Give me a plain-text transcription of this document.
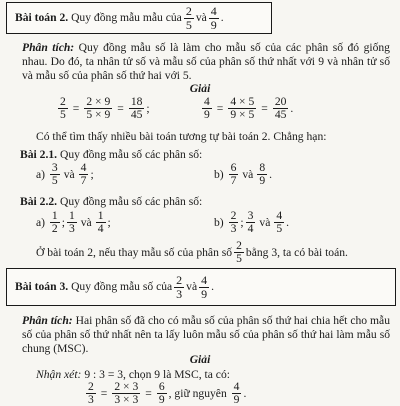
Bài toán 2.
Quy đồng mẫu mẫu của $\frac{2}{5}$ và $\frac{4}{9}$ .
Phân tích: Quy đồng mẫu số là làm cho mẫu số của các phân số đó giống nhau. Do đó, ta nhân tử số và mẫu số của phân số thứ nhất với 9 và nhân tử số và mẫu số của phân số thứ hai với 5.
Giải
$\frac{2}{5} = \frac{2 \times 9}{5 \times 9} = \frac{18}{45}$ ;	$\frac{4}{9} = \frac{4 \times 5}{9 \times 5} = \frac{20}{45}$ .
Có thể tìm thấy nhiều bài toán tương tự bài toán 2. Chẳng hạn:
Bài 2.1. Quy đồng mẫu số các phân số:
a)
$\frac{3}{5}$ và $\frac{4}{7}$ ;	b)
$\frac{6}{7}$ và $\frac{8}{9}$ .
Bài 2.2. Quy đồng mẫu số các phân số:
a)
$\frac{1}{2}$ ; $\frac{1}{3}$ và $\frac{1}{4}$ ;	b)
$\frac{2}{3}$ ; $\frac{3}{4}$ và $\frac{4}{5}$ .
Ở bài toán 2, nếu thay mẫu số của phân số $\frac{2}{5}$ bằng 3, ta có bài toán.
Bài toán 3.
Quy đồng mẫu số của $\frac{2}{3}$ và $\frac{4}{9}$ .
Phân tích: Hai phân số đã cho có mẫu số của phân số thứ hai chia hết cho mẫu số của phân số thứ nhất nên ta lấy luôn mẫu số của phân số thứ hai làm mẫu số chung (MSC).
Giải
Nhận xét: 9 : 3 = 3, chọn 9 là MSC, ta có:
$\frac{2}{3} = \frac{2 \times 3}{3 \times 3} = \frac{6}{9}$ , giữ nguyên
$\frac{4}{9}$ .
